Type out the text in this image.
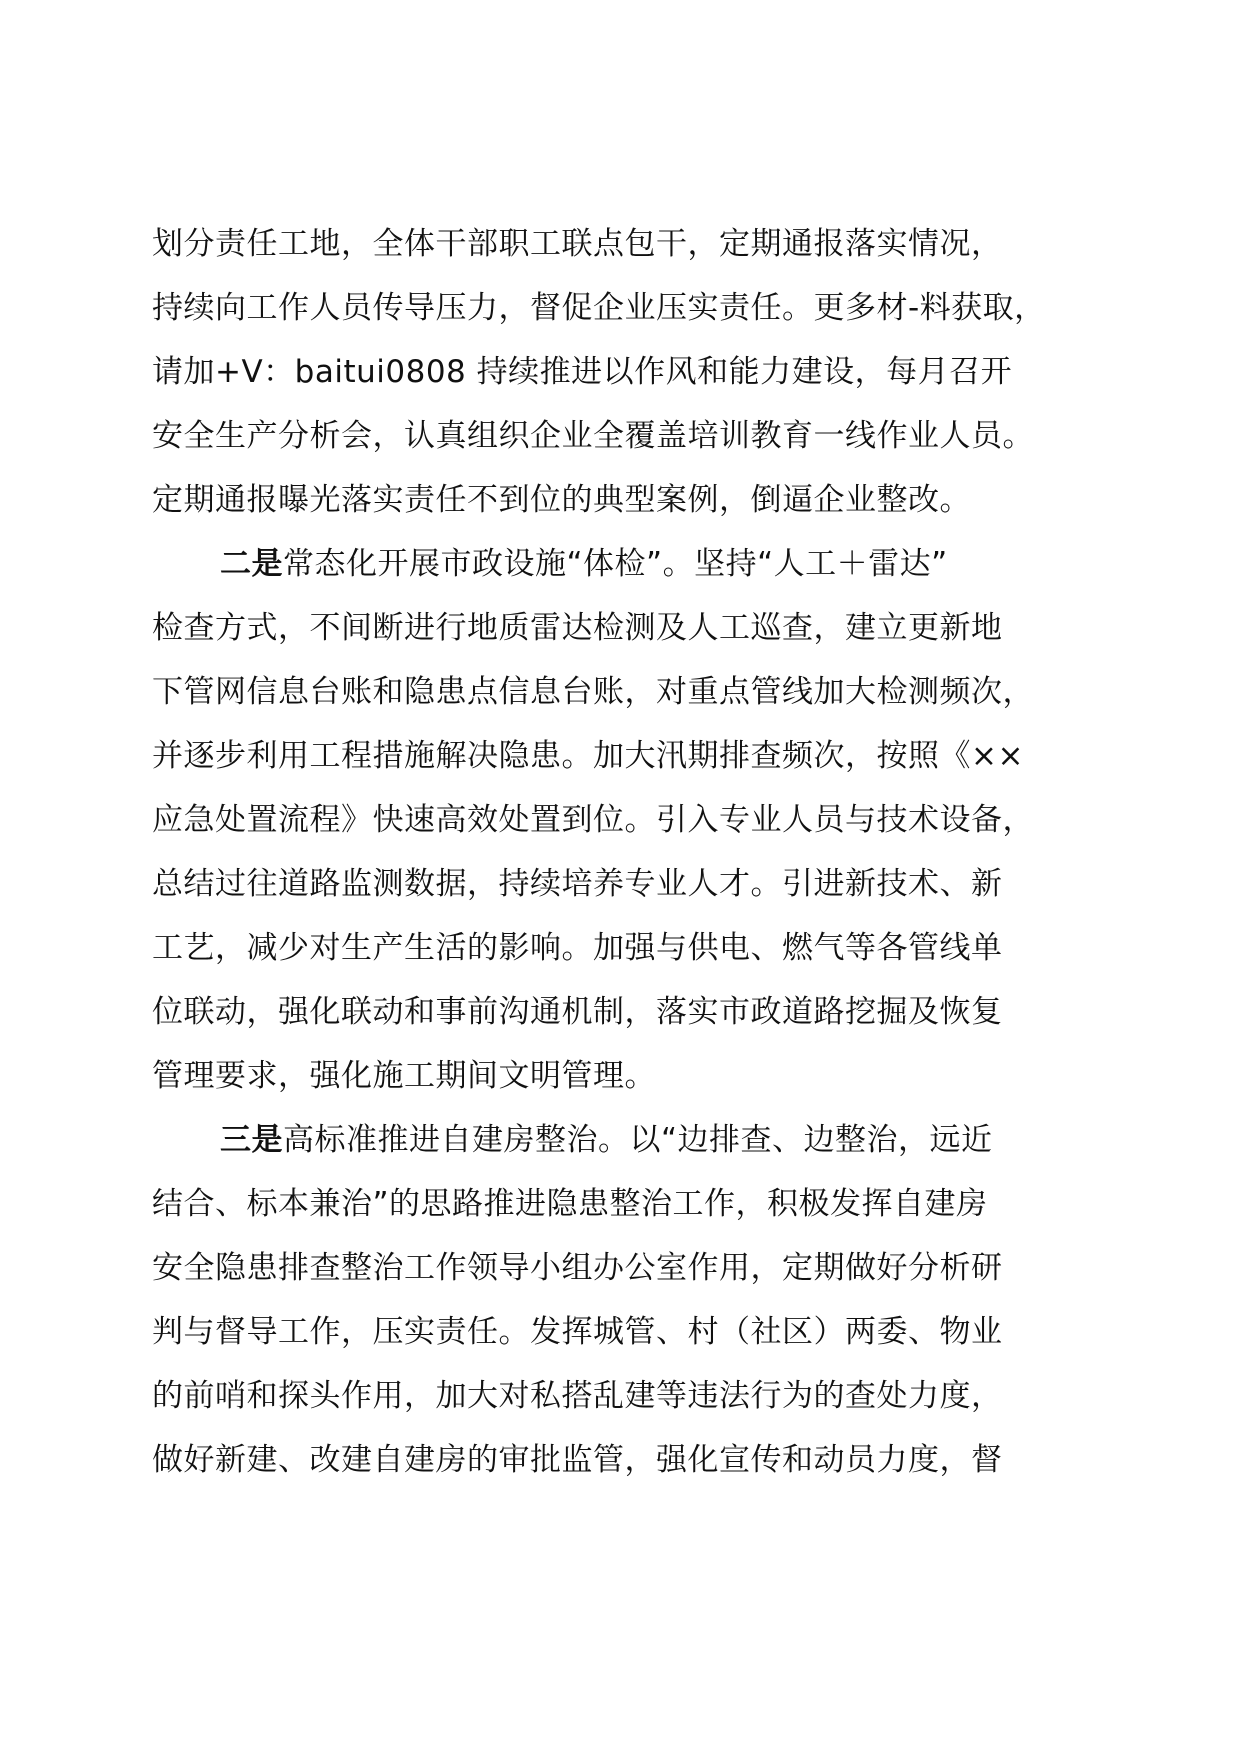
划分责任工地，全体干部职工联点包干，定期通报落实情况，
持续向工作人员传导压力，督促企业压实责任。更多材-料获取，
请加+V：baitui0808 持续推进以作风和能力建设，每月召开
安全生产分析会，认真组织企业全覆盖培训教育一线作业人员。
定期通报曝光落实责任不到位的典型案例，倒逼企业整改。
二是常态化开展市政设施“体检”。坚持“人工＋雷达”
检查方式，不间断进行地质雷达检测及人工巡查，建立更新地
下管网信息台账和隐患点信息台账，对重点管线加大检测频次，
并逐步利用工程措施解决隐患。加大汛期排查频次，按照《××
应急处置流程》快速高效处置到位。引入专业人员与技术设备，
总结过往道路监测数据，持续培养专业人才。引进新技术、新
工艺，减少对生产生活的影响。加强与供电、燃气等各管线单
位联动，强化联动和事前沟通机制，落实市政道路挖掘及恢复
管理要求，强化施工期间文明管理。
三是高标准推进自建房整治。以“边排查、边整治，远近
结合、标本兼治”的思路推进隐患整治工作，积极发挥自建房
安全隐患排查整治工作领导小组办公室作用，定期做好分析研
判与督导工作，压实责任。发挥城管、村（社区）两委、物业
的前哨和探头作用，加大对私搭乱建等违法行为的查处力度，
做好新建、改建自建房的审批监管，强化宣传和动员力度，督
